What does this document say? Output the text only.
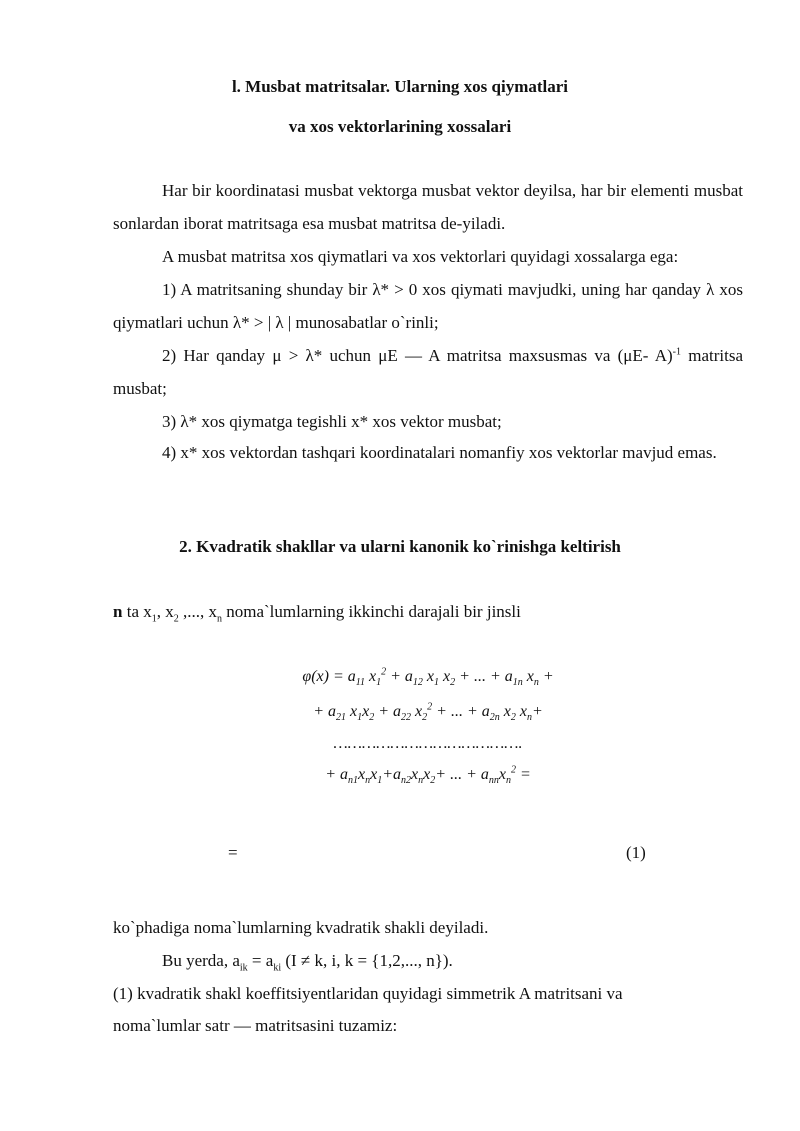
l. Musbat matritsalar. Ularning xos qiymatlari
va xos vektorlarining xossalari
Har bir koordinatasi musbat vektorga musbat vektor deyilsa, har bir elementi musbat sonlardan iborat matritsaga esa musbat matritsa de-yiladi.
A musbat matritsa xos qiymatlari va xos vektorlari quyidagi xossalarga ega:
1) A matritsaning shunday bir λ* > 0 xos qiymati mavjudki, uning har qanday λ xos qiymatlari uchun λ* > | λ | munosabatlar o`rinli;
2) Har qanday μ > λ* uchun μE — A matritsa maxsusmas va (μE- A)$^{-1}$ matritsa musbat;
3) λ* xos qiymatga tegishli x* xos vektor musbat;
4) x* xos vektordan tashqari koordinatalari nomanfiy xos vektorlar mavjud emas.
2. Kvadratik shakllar va ularni kanonik ko`rinishga keltirish
n ta $x_1$, $x_2$ ,..., $x_n$ noma`lumlarning ikkinchi darajali bir jinsli
$\varphi(x) = a_{11}$ $x_1^2 + a_{12}$ $x_1$ $x_2$ + ... + $a_{1n}$ $x_n$ +
+ $a_{21}$ $x_1x_2 + a_{22}$ $x_2^2$ + ... + $a_{2n}$ $x_2$ $x_n+$
………………………………….
+ $a_{n1}x_nx_1+a_{n2}x_nx_2+$ ... + $a_{nn}x_n^2$ =
=	(1)
ko`phadiga noma`lumlarning kvadratik shakli deyiladi.
Bu yerda, $a_{ik} = a_{ki}$ (I ≠ k, i, k = {1,2,..., n}).
(1) kvadratik shakl koeffitsiyentlaridan quyidagi simmetrik A matritsani va
noma`lumlar satr — matritsasini tuzamiz:
